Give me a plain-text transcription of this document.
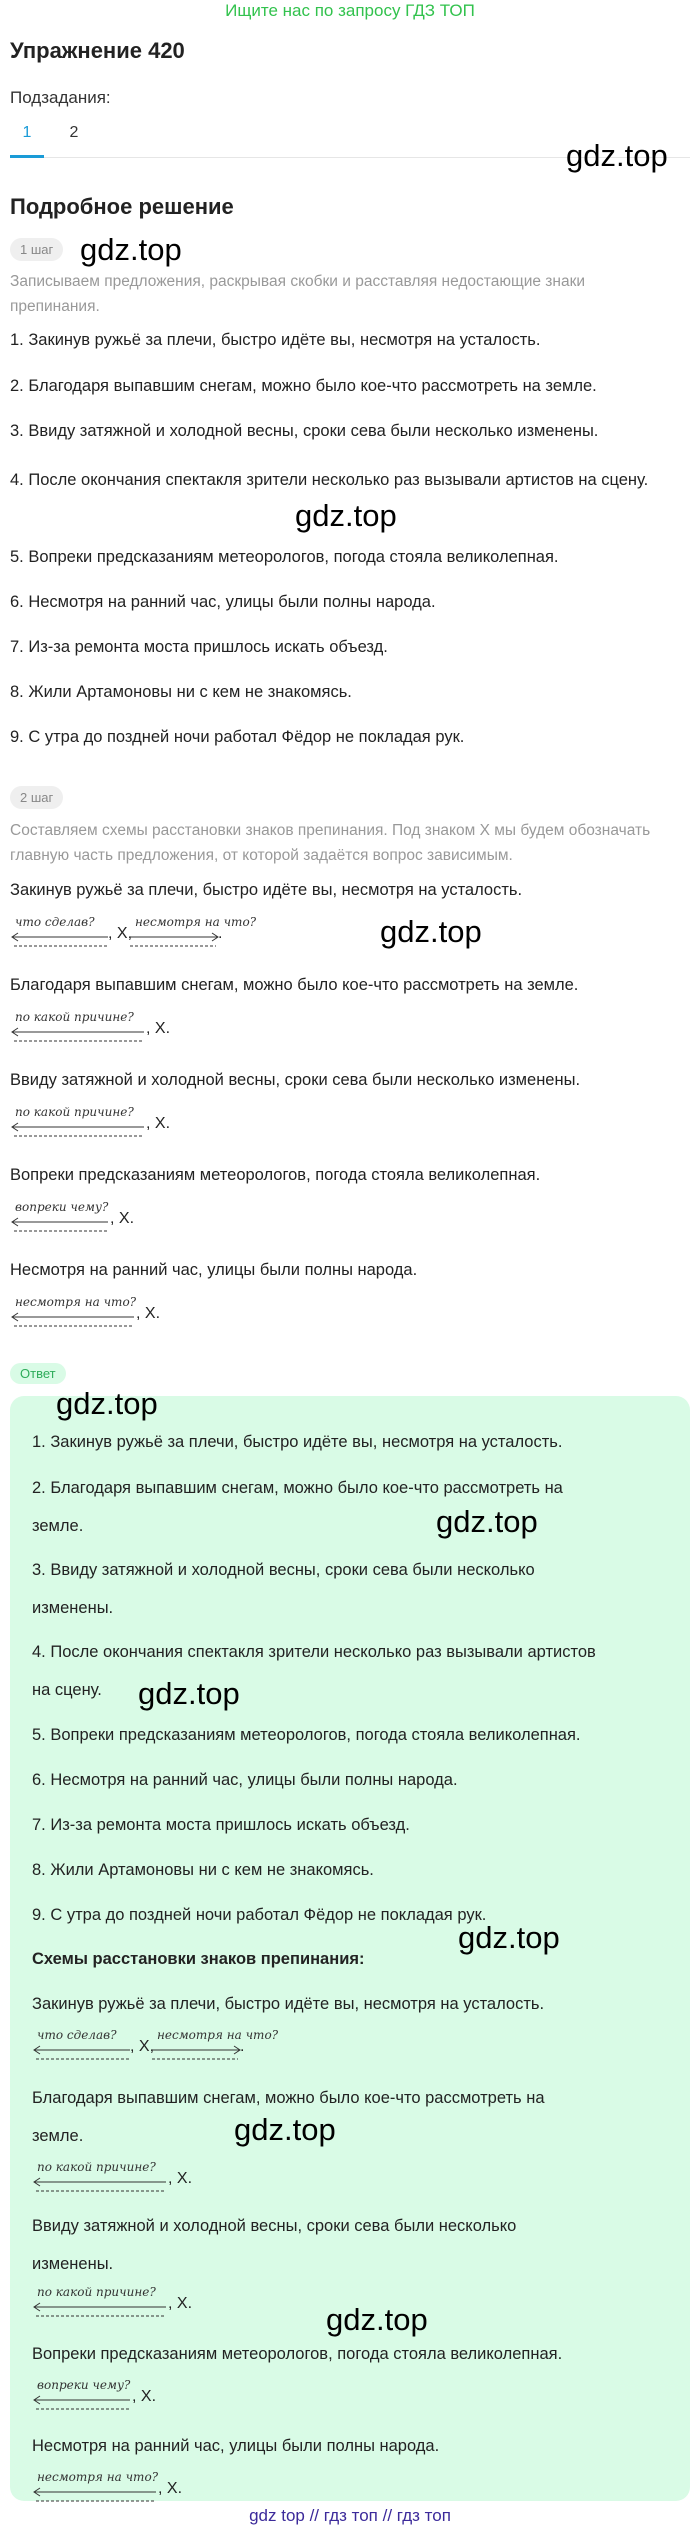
Ищите нас по запросу ГДЗ ТОП
Упражнение 420
Подзадания:
1	2
gdz.top
Подробное решение
1 шаг gdz.top
Записываем предложения, раскрывая скобки и расставляя недостающие знаки препинания.
1. Закинув ружьё за плечи, быстро идёте вы, несмотря на усталость.
2. Благодаря выпавшим снегам, можно было кое-что рассмотреть на земле.
3. Ввиду затяжной и холодной весны, сроки сева были несколько изменены.
4. После окончания спектакля зрители несколько раз вызывали артистов на сцену.
gdz.top
5. Вопреки предсказаниям метеорологов, погода стояла великолепная.
6. Несмотря на ранний час, улицы были полны народа.
7. Из-за ремонта моста пришлось искать объезд.
8. Жили Артамоновы ни с кем не знакомясь.
9. С утра до поздней ночи работал Фёдор не покладая рук.
2 шаг
Составляем схемы расстановки знаков препинания. Под знаком Х мы будем обозначать главную часть предложения, от которой задаётся вопрос зависимым.
Закинув ружьё за плечи, быстро идёте вы, несмотря на усталость.
что сделав?
, Х,
несмотря на что?
.	gdz.top
Благодаря выпавшим снегам, можно было кое-что рассмотреть на земле.
по какой причине?
, Х.
Ввиду затяжной и холодной весны, сроки сева были несколько изменены.
по какой причине?
, Х.
Вопреки предсказаниям метеорологов, погода стояла великолепная.
вопреки чему?
, Х.
Несмотря на ранний час, улицы были полны народа.
несмотря на что?
, Х.
Ответ
gdz.top
1. Закинув ружьё за плечи, быстро идёте вы, несмотря на усталость.
2. Благодаря выпавшим снегам, можно было кое-что рассмотреть на
земле.	gdz.top
3. Ввиду затяжной и холодной весны, сроки сева были несколько
изменены.
4. После окончания спектакля зрители несколько раз вызывали артистов
на сцену. gdz.top
5. Вопреки предсказаниям метеорологов, погода стояла великолепная.
6. Несмотря на ранний час, улицы были полны народа.
7. Из-за ремонта моста пришлось искать объезд.
8. Жили Артамоновы ни с кем не знакомясь.
9. С утра до поздней ночи работал Фёдор не покладая рук.
Схемы расстановки знаков препинания:
gdz.top
Закинув ружьё за плечи, быстро идёте вы, несмотря на усталость.
что сделав?
, Х,
несмотря на что?
.
Благодаря выпавшим снегам, можно было кое-что рассмотреть на
земле.	gdz.top
по какой причине?
, Х.
Ввиду затяжной и холодной весны, сроки сева были несколько
изменены.
по какой причине?
, Х.	gdz.top
Вопреки предсказаниям метеорологов, погода стояла великолепная.
вопреки чему?
, Х.
Несмотря на ранний час, улицы были полны народа.
несмотря на что?
, Х.
gdz top // гдз топ // гдз топ
